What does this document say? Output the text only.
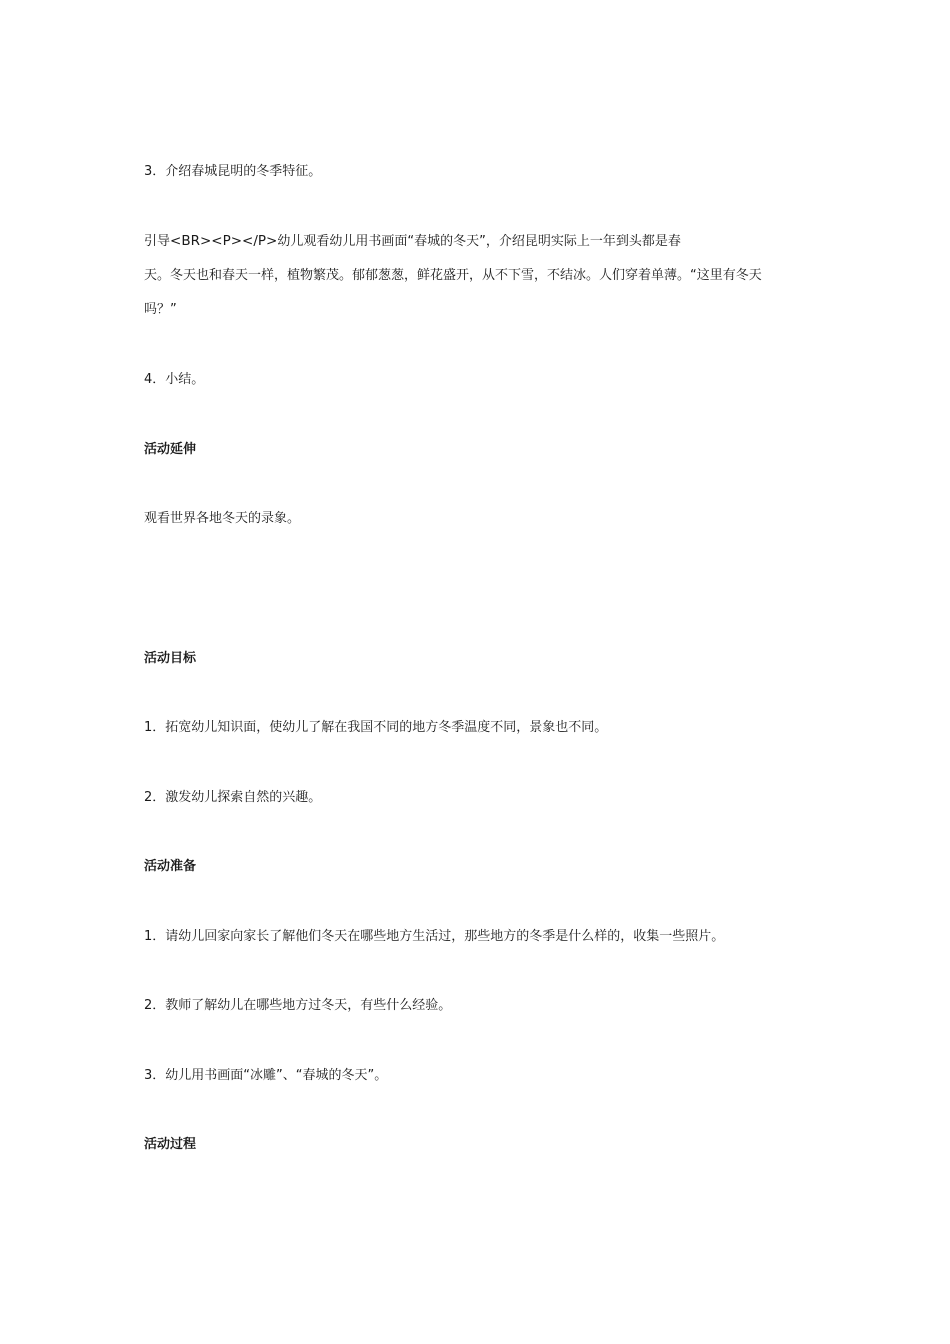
3．介绍春城昆明的冬季特征。
引导<BR><P></P>幼儿观看幼儿用书画面“春城的冬天”，介绍昆明实际上一年到头都是春
天。冬天也和春天一样，植物繁茂。郁郁葱葱，鲜花盛开，从不下雪，不结冰。人们穿着单薄。“这里有冬天
吗？”
4．小结。
活动延伸
观看世界各地冬天的录象。
活动目标
1．拓宽幼儿知识面，使幼儿了解在我国不同的地方冬季温度不同，景象也不同。
2．激发幼儿探索自然的兴趣。
活动准备
1．请幼儿回家向家长了解他们冬天在哪些地方生活过，那些地方的冬季是什么样的，收集一些照片。
2．教师了解幼儿在哪些地方过冬天，有些什么经验。
3．幼儿用书画面“冰雕”、“春城的冬天”。
活动过程
